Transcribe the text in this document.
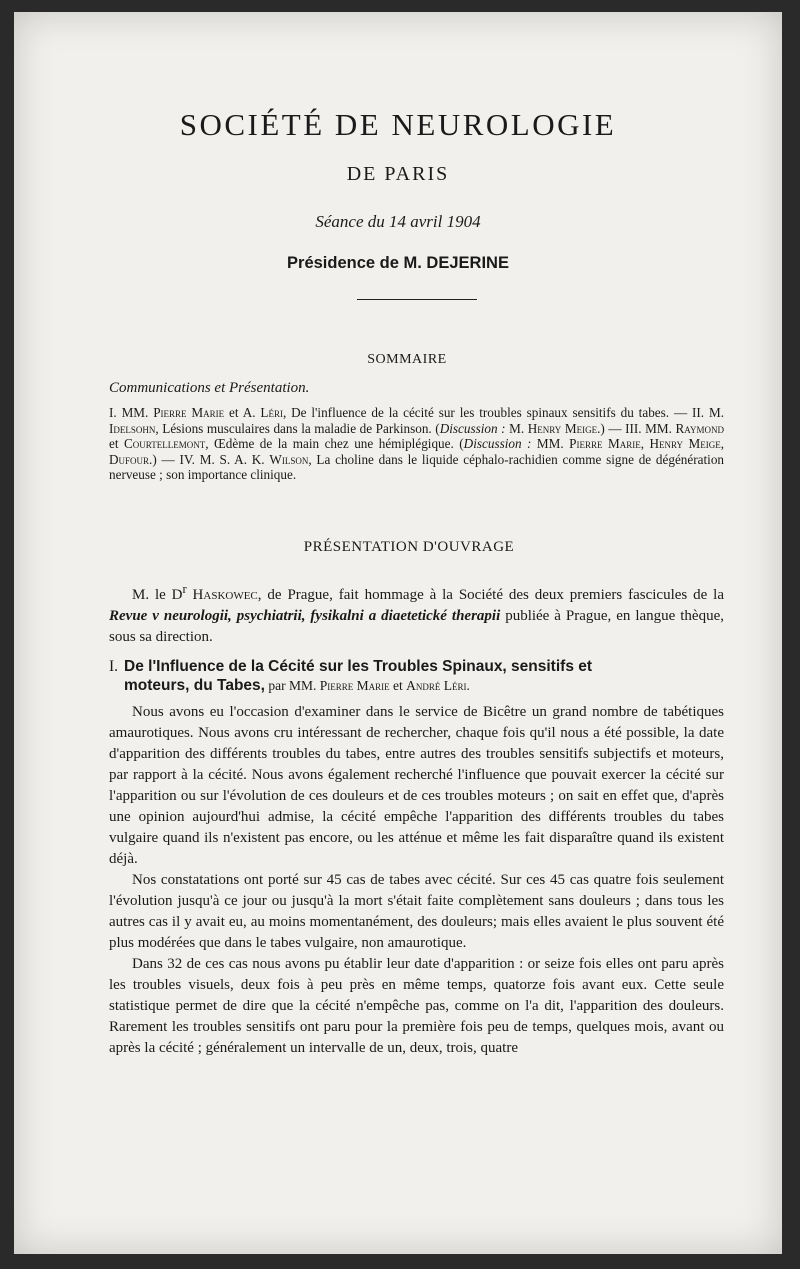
SOCIÉTÉ DE NEUROLOGIE
DE PARIS
Séance du 14 avril 1904
Présidence de M. DEJERINE
SOMMAIRE
Communications et Présentation.
I. MM. Pierre Marie et A. Léri, De l'influence de la cécité sur les troubles spinaux sensitifs du tabes. — II. M. Idelsohn, Lésions musculaires dans la maladie de Parkinson. (Discussion : M. Henry Meige.) — III. MM. Raymond et Courtellemont, Œdème de la main chez une hémiplégique. (Discussion : MM. Pierre Marie, Henry Meige, Dufour.) — IV. M. S. A. K. Wilson, La choline dans le liquide céphalo-rachidien comme signe de dégénération nerveuse ; son importance clinique.
PRÉSENTATION D'OUVRAGE
M. le $D^r$ Haskowec, de Prague, fait hommage à la Société des deux premiers fascicules de la Revue v neurologii, psychiatrii, fysikalni a diaetetické therapii publiée à Prague, en langue thèque, sous sa direction.
I. De l'Influence de la Cécité sur les Troubles Spinaux, sensitifs et
moteurs, du Tabes, par MM. Pierre Marie et André Léri.

Nous avons eu l'occasion d'examiner dans le service de Bicêtre un grand nombre de tabétiques amaurotiques. Nous avons cru intéressant de rechercher, chaque fois qu'il nous a été possible, la date d'apparition des différents troubles du tabes, entre autres des troubles sensitifs subjectifs et moteurs, par rapport à la cécité. Nous avons également recherché l'influence que pouvait exercer la cécité sur l'apparition ou sur l'évolution de ces douleurs et de ces troubles moteurs ; on sait en effet que, d'après une opinion aujourd'hui admise, la cécité empêche l'apparition des différents troubles du tabes vulgaire quand ils n'existent pas encore, ou les atténue et même les fait disparaître quand ils existent déjà.

Nos constatations ont porté sur 45 cas de tabes avec cécité. Sur ces 45 cas quatre fois seulement l'évolution jusqu'à ce jour ou jusqu'à la mort s'était faite complètement sans douleurs ; dans tous les autres cas il y avait eu, au moins momentanément, des douleurs; mais elles avaient le plus souvent été plus modérées que dans le tabes vulgaire, non amaurotique.

Dans 32 de ces cas nous avons pu établir leur date d'apparition : or seize fois elles ont paru après les troubles visuels, deux fois à peu près en même temps, quatorze fois avant eux. Cette seule statistique permet de dire que la cécité n'empêche pas, comme on l'a dit, l'apparition des douleurs. Rarement les troubles sensitifs ont paru pour la première fois peu de temps, quelques mois, avant ou après la cécité ; généralement un intervalle de un, deux, trois, quatre
